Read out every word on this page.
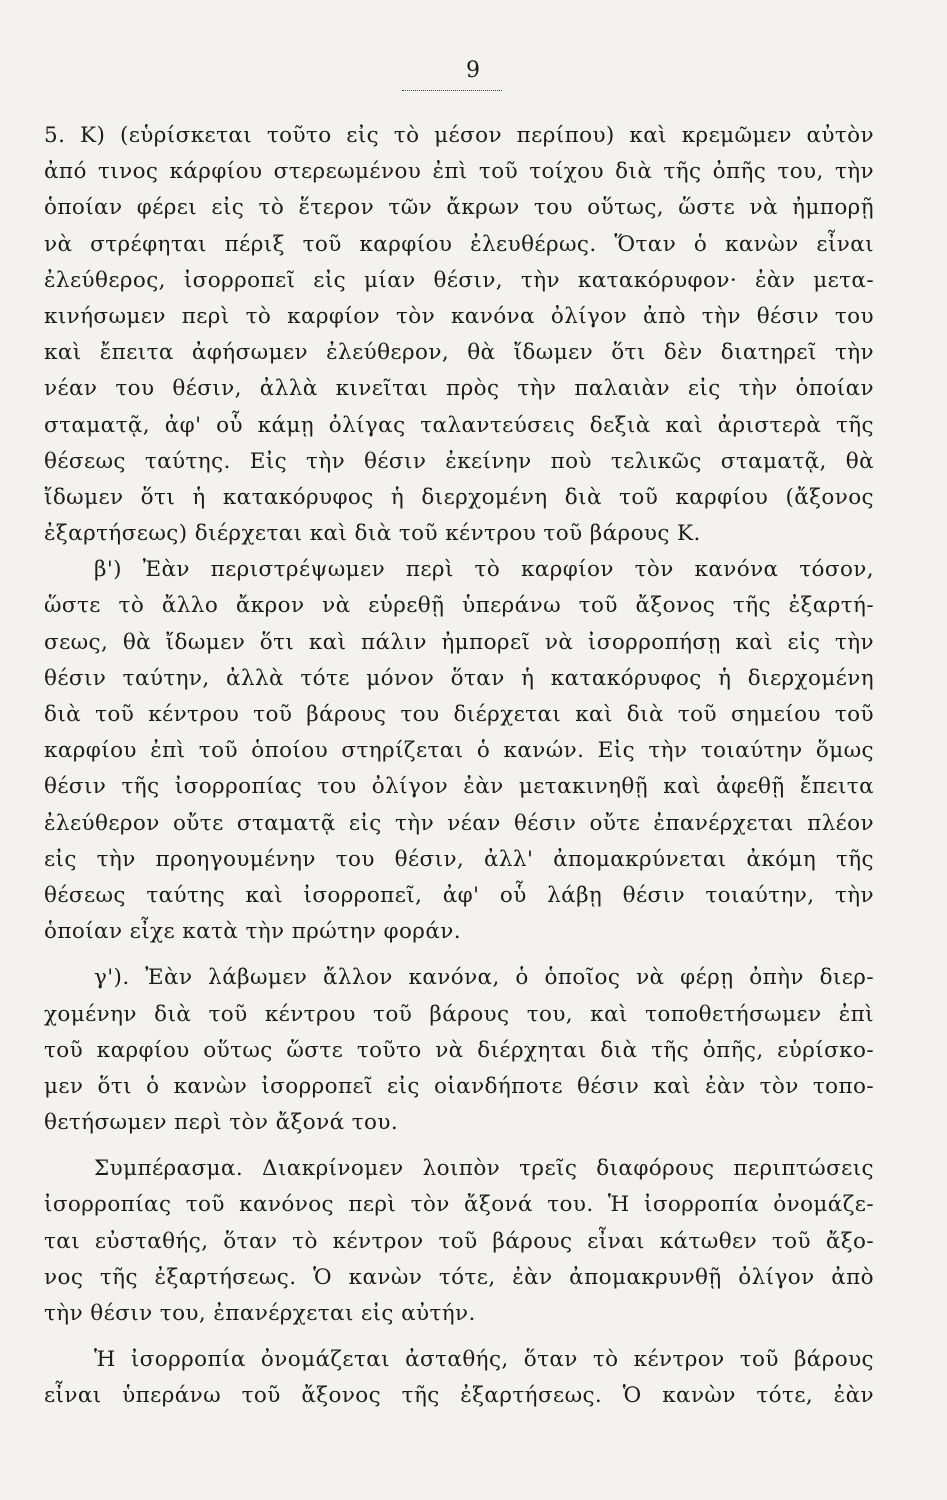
9
5. Κ) (εὑρίσκεται τοῦτο εἰς τὸ μέσον περίπου) καὶ κρεμῶμεν αὐτὸν
ἀπό τινος κάρφίου στερεωμένου ἐπὶ τοῦ τοίχου διὰ τῆς ὀπῆς του, τὴν
ὁποίαν φέρει εἰς τὸ ἕτερον τῶν ἄκρων του οὕτως, ὥστε νὰ ἠμπορῇ
νὰ στρέφηται πέριξ τοῦ καρφίου ἐλευθέρως. Ὅταν ὁ κανὼν εἶναι
ἐλεύθερος, ἰσορροπεῖ εἰς μίαν θέσιν, τὴν κατακόρυφον· ἐὰν μετα-
κινήσωμεν περὶ τὸ καρφίον τὸν κανόνα ὀλίγον ἀπὸ τὴν θέσιν του
καὶ ἔπειτα ἀφήσωμεν ἐλεύθερον, θὰ ἴδωμεν ὅτι δὲν διατηρεῖ τὴν
νέαν του θέσιν, ἀλλὰ κινεῖται πρὸς τὴν παλαιὰν εἰς τὴν ὁποίαν
σταματᾷ, ἀφ' οὗ κάμῃ ὀλίγας ταλαντεύσεις δεξιὰ καὶ ἀριστερὰ τῆς
θέσεως ταύτης. Εἰς τὴν θέσιν ἐκείνην ποὺ τελικῶς σταματᾷ, θὰ
ἴδωμεν ὅτι ἡ κατακόρυφος ἡ διερχομένη διὰ τοῦ καρφίου (ἄξονος
ἐξαρτήσεως) διέρχεται καὶ διὰ τοῦ κέντρου τοῦ βάρους Κ.
β') Ἐὰν περιστρέψωμεν περὶ τὸ καρφίον τὸν κανόνα τόσον,
ὥστε τὸ ἄλλο ἄκρον νὰ εὑρεθῇ ὑπεράνω τοῦ ἄξονος τῆς ἐξαρτή-
σεως, θὰ ἴδωμεν ὅτι καὶ πάλιν ἠμπορεῖ νὰ ἰσορροπήσῃ καὶ εἰς τὴν
θέσιν ταύτην, ἀλλὰ τότε μόνον ὅταν ἡ κατακόρυφος ἡ διερχομένη
διὰ τοῦ κέντρου τοῦ βάρους του διέρχεται καὶ διὰ τοῦ σημείου τοῦ
καρφίου ἐπὶ τοῦ ὁποίου στηρίζεται ὁ κανών. Εἰς τὴν τοιαύτην ὅμως
θέσιν τῆς ἰσορροπίας του ὀλίγον ἐὰν μετακινηθῇ καὶ ἀφεθῇ ἔπειτα
ἐλεύθερον οὔτε σταματᾷ εἰς τὴν νέαν θέσιν οὔτε ἐπανέρχεται πλέον
εἰς τὴν προηγουμένην του θέσιν, ἀλλ' ἀπομακρύνεται ἀκόμη τῆς
θέσεως ταύτης καὶ ἰσορροπεῖ, ἀφ' οὗ λάβῃ θέσιν τοιαύτην, τὴν
ὁποίαν εἶχε κατὰ τὴν πρώτην φοράν.
γ'). Ἐὰν λάβωμεν ἄλλον κανόνα, ὁ ὁποῖος νὰ φέρῃ ὀπὴν διερ-
χομένην διὰ τοῦ κέντρου τοῦ βάρους του, καὶ τοποθετήσωμεν ἐπὶ
τοῦ καρφίου οὕτως ὥστε τοῦτο νὰ διέρχηται διὰ τῆς ὀπῆς, εὑρίσκο-
μεν ὅτι ὁ κανὼν ἰσορροπεῖ εἰς οἱανδήποτε θέσιν καὶ ἐὰν τὸν τοπο-
θετήσωμεν περὶ τὸν ἄξονά του.
Συμπέρασμα. Διακρίνομεν λοιπὸν τρεῖς διαφόρους περιπτώσεις
ἰσορροπίας τοῦ κανόνος περὶ τὸν ἄξονά του. Ἡ ἰσορροπία ὀνομάζε-
ται εὐσταθής, ὅταν τὸ κέντρον τοῦ βάρους εἶναι κάτωθεν τοῦ ἄξο-
νος τῆς ἐξαρτήσεως. Ὁ κανὼν τότε, ἐὰν ἀπομακρυνθῇ ὀλίγον ἀπὸ
τὴν θέσιν του, ἐπανέρχεται εἰς αὐτήν.
Ἡ ἰσορροπία ὀνομάζεται ἀσταθής, ὅταν τὸ κέντρον τοῦ βάρους
εἶναι ὑπεράνω τοῦ ἄξονος τῆς ἐξαρτήσεως. Ὁ κανὼν τότε, ἐὰν
